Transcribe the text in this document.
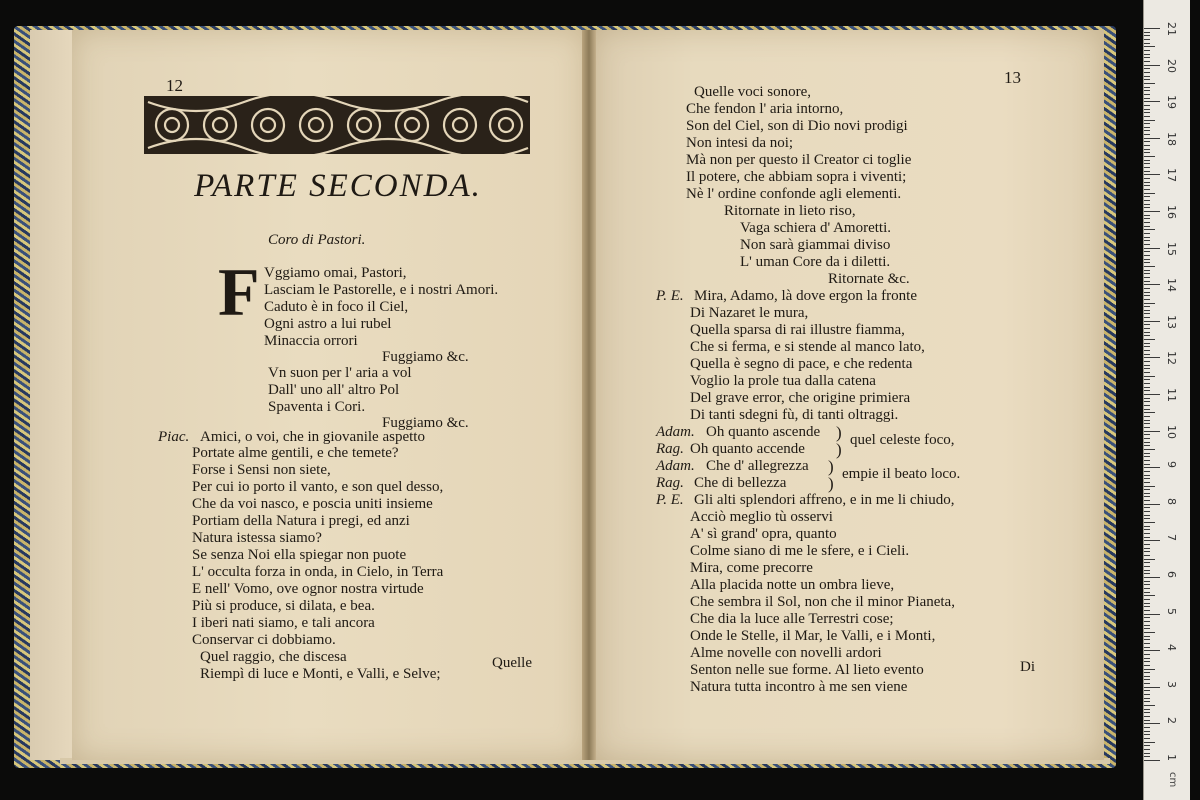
12
PARTE SECONDA.
Coro di Pastori.
F Vggiamo omai, Pastori,
Lasciam le Pastorelle, e i nostri Amori.
Caduto è in foco il Ciel,
Ogni astro a lui rubel
Minaccia orrori
Fuggiamo &c.
Vn suon per l' aria a vol
Dall' uno all' altro Pol
Spaventa i Cori.
Fuggiamo &c.
Piac. Amici, o voi, che in giovanile aspetto
Portate alme gentili, e che temete?
Forse i Sensi non siete,
Per cui io porto il vanto, e son quel desso,
Che da voi nasco, e poscia uniti insieme
Portiam della Natura i pregi, ed anzi
Natura istessa siamo?
Se senza Noi ella spiegar non puote
L' occulta forza in onda, in Cielo, in Terra
E nell' Vomo, ove ognor nostra virtude
Più si produce, si dilata, e bea.
I iberi nati siamo, e tali ancora
Conservar ci dobbiamo.
Quel raggio, che discesa
Riempì di luce e Monti, e Valli, e Selve;
Quelle
13
Quelle voci sonore,
Che fendon l' aria intorno,
Son del Ciel, son di Dio novi prodigi
Non intesi da noi;
Mà non per questo il Creator ci toglie
Il potere, che abbiam sopra i viventi;
Nè l' ordine confonde agli elementi.
Ritornate in lieto riso,
Vaga schiera d' Amoretti.
Non sarà giammai diviso
L' uman Core da i diletti.
Ritornate &c.
P. E. Mira, Adamo, là dove ergon la fronte
Di Nazaret le mura,
Quella sparsa di rai illustre fiamma,
Che si ferma, e si stende al manco lato,
Quella è segno di pace, e che redenta
Voglio la prole tua dalla catena
Del grave error, che origine primiera
Di tanti sdegni fù, di tanti oltraggi.
Adam. Oh quanto ascende
Rag. Oh quanto accende
)
) quel celeste foco,
Adam. Che d' allegrezza
Rag. Che di bellezza
)
) empie il beato loco.
P. E. Gli alti splendori affreno, e in me li chiudo,
Acciò meglio tù osservi
A' sì grand' opra, quanto
Colme siano di me le sfere, e i Cieli.
Mira, come precorre
Alla placida notte un ombra lieve,
Che sembra il Sol, non che il minor Pianeta,
Che dia la luce alle Terrestri cose;
Onde le Stelle, il Mar, le Valli, e i Monti,
Alme novelle con novelli ardori
Senton nelle sue forme. Al lieto evento
Natura tutta incontro à me sen viene
Di
1
2
3
4
5
6
7
8
9
10
11
12
13
14
15
16
17
18
19
20
21
cm
